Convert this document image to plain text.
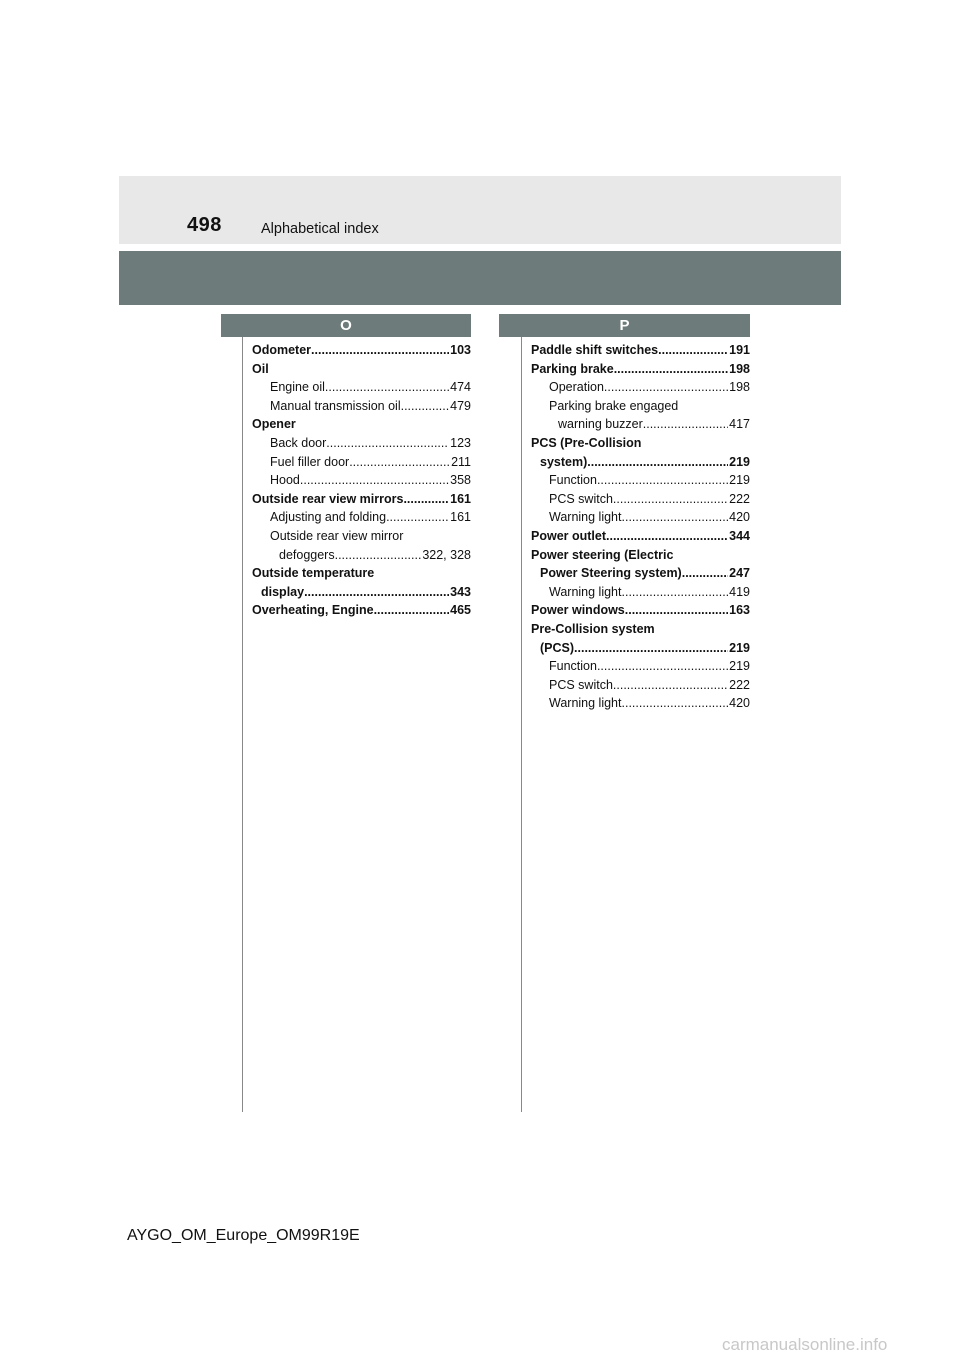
498	Alphabetical index
O	P
Odometer .....	103
Oil
Engine oil .....	474
Manual transmission oil .....	479
Opener
Back door .....	123
Fuel filler door .....	211
Hood .....	358
Outside rear view mirrors .....	161
Adjusting and folding .....	161
Outside rear view mirror
defoggers .....	322, 328
Outside temperature
display .....	343
Overheating, Engine .....	465
Paddle shift switches .....	191
Parking brake .....	198
Operation .....	198
Parking brake engaged
warning buzzer .....	417
PCS (Pre-Collision
system) .....	219
Function .....	219
PCS switch .....	222
Warning light .....	420
Power outlet .....	344
Power steering (Electric
Power Steering system) .....	247
Warning light .....	419
Power windows .....	163
Pre-Collision system
(PCS) .....	219
Function .....	219
PCS switch .....	222
Warning light .....	420
AYGO_OM_Europe_OM99R19E
carmanualsonline.info
